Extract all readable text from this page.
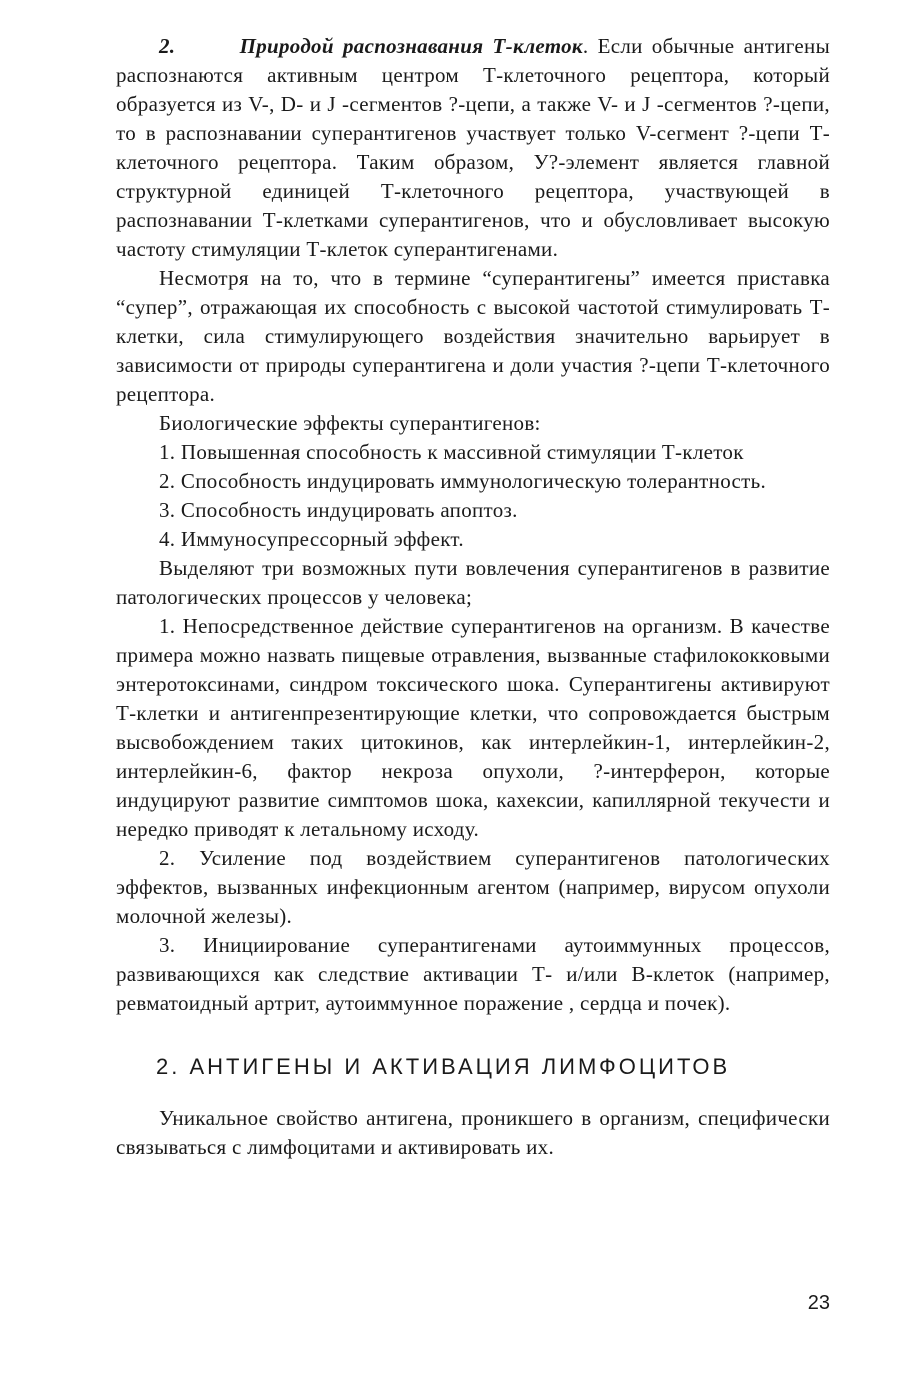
2.	Природой распознавания Т-клеток. Если обычные антигены распознаются активным центром Т-клеточного рецептора, который образуется из V-, D- и J -сегментов ?-цепи, а также V- и J -сегментов ?-цепи, то в распознавании суперантигенов участвует только V-сегмент ?-цепи Т-клеточного рецептора. Таким образом, У?-элемент является главной структурной единицей Т-клеточного рецептора, участвующей в распознавании Т-клетками суперантигенов, что и обусловливает высокую частоту стимуляции Т-клеток суперантигенами.

Несмотря на то, что в термине “суперантигены” имеется приставка “супер”, отражающая их способность с высокой частотой стимулировать Т-клетки, сила стимулирующего воздействия значительно варьирует в зависимости от природы суперантигена и доли участия ?-цепи Т-клеточного рецептора.

Биологические эффекты суперантигенов:

1. Повышенная способность к массивной стимуляции Т-клеток

2. Способность индуцировать иммунологическую толерантность.

3. Способность индуцировать апоптоз.

4. Иммуносупрессорный эффект.

Выделяют три возможных пути вовлечения суперантигенов в развитие патологических процессов у человека;

1. Непосредственное действие суперантигенов на организм. В качестве примера можно назвать пищевые отравления, вызванные стафилококковыми энтеротоксинами, синдром токсического шока. Суперантигены активируют Т-клетки и антигенпрезентирующие клетки, что сопровождается быстрым высвобождением таких цитокинов, как интерлейкин-1, интерлейкин-2, интерлейкин-6, фактор некроза опухоли, ?-интерферон, которые индуцируют развитие симптомов шока, кахексии, капиллярной текучести и нередко приводят к летальному исходу.

2. Усиление под воздействием суперантигенов патологических эффектов, вызванных инфекционным агентом (например, вирусом опухоли молочной железы).

3. Инициирование суперантигенами аутоиммунных процессов, развивающихся как следствие активации Т- и/или В-клеток (например, ревматоидный артрит, аутоиммунное поражение , сердца и почек).

2. АНТИГЕНЫ И АКТИВАЦИЯ ЛИМФОЦИТОВ

Уникальное свойство антигена, проникшего в организм, специфически связываться с лимфоцитами и активировать их.

23
